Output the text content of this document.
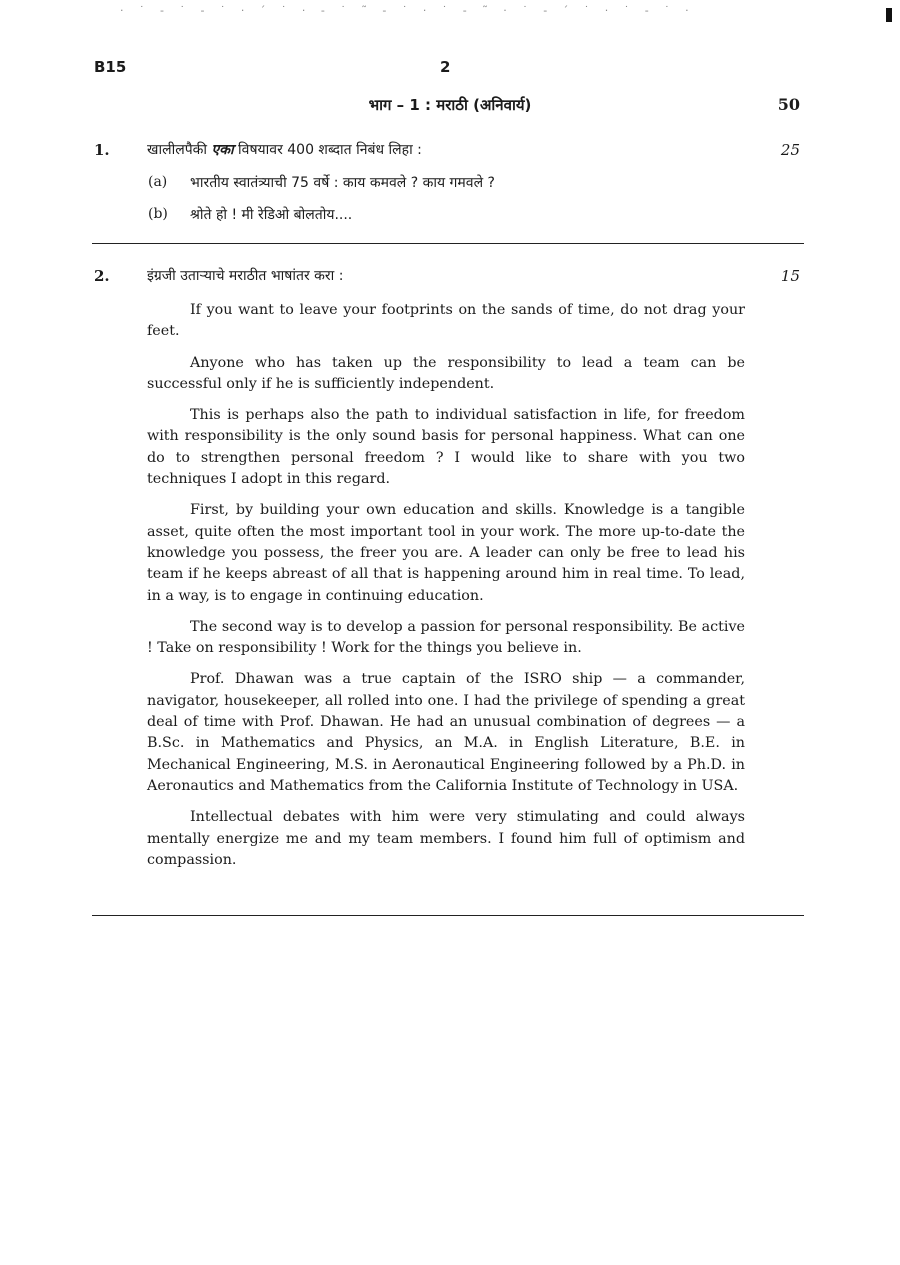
· ˙ ‐ ˙ ‑ ˙ · ´ ˙ · ‐ ˙ ˜ ‐ ˙ · ˙ ‐ ˜ · ˙ ‐ ´ ˙ · ˙ ‐ ˙ ·
B15	2
भाग – 1 : मराठी (अनिवार्य)	50
1.	खालीलपैकी एका विषयावर 400 शब्दात निबंध लिहा :	25
(a) भारतीय स्वातंत्र्याची 75 वर्षे : काय कमवले ? काय गमवले ?
(b) श्रोते हो ! मी रेडिओ बोलतोय....
2.	इंग्रजी उताऱ्याचे मराठीत भाषांतर करा :	15

If you want to leave your footprints on the sands of time, do not drag your feet.

Anyone who has taken up the responsibility to lead a team can be successful only if he is sufficiently independent.

This is perhaps also the path to individual satisfaction in life, for freedom with responsibility is the only sound basis for personal happiness. What can one do to strengthen personal freedom ? I would like to share with you two techniques I adopt in this regard.

First, by building your own education and skills. Knowledge is a tangible asset, quite often the most important tool in your work. The more up-to-date the knowledge you possess, the freer you are. A leader can only be free to lead his team if he keeps abreast of all that is happening around him in real time. To lead, in a way, is to engage in continuing education.

The second way is to develop a passion for personal responsibility. Be active ! Take on responsibility ! Work for the things you believe in.

Prof. Dhawan was a true captain of the ISRO ship — a commander, navigator, housekeeper, all rolled into one. I had the privilege of spending a great deal of time with Prof. Dhawan. He had an unusual combination of degrees — a B.Sc. in Mathematics and Physics, an M.A. in English Literature, B.E. in Mechanical Engineering, M.S. in Aeronautical Engineering followed by a Ph.D. in Aeronautics and Mathematics from the California Institute of Technology in USA.

Intellectual debates with him were very stimulating and could always mentally energize me and my team members. I found him full of optimism and compassion.
